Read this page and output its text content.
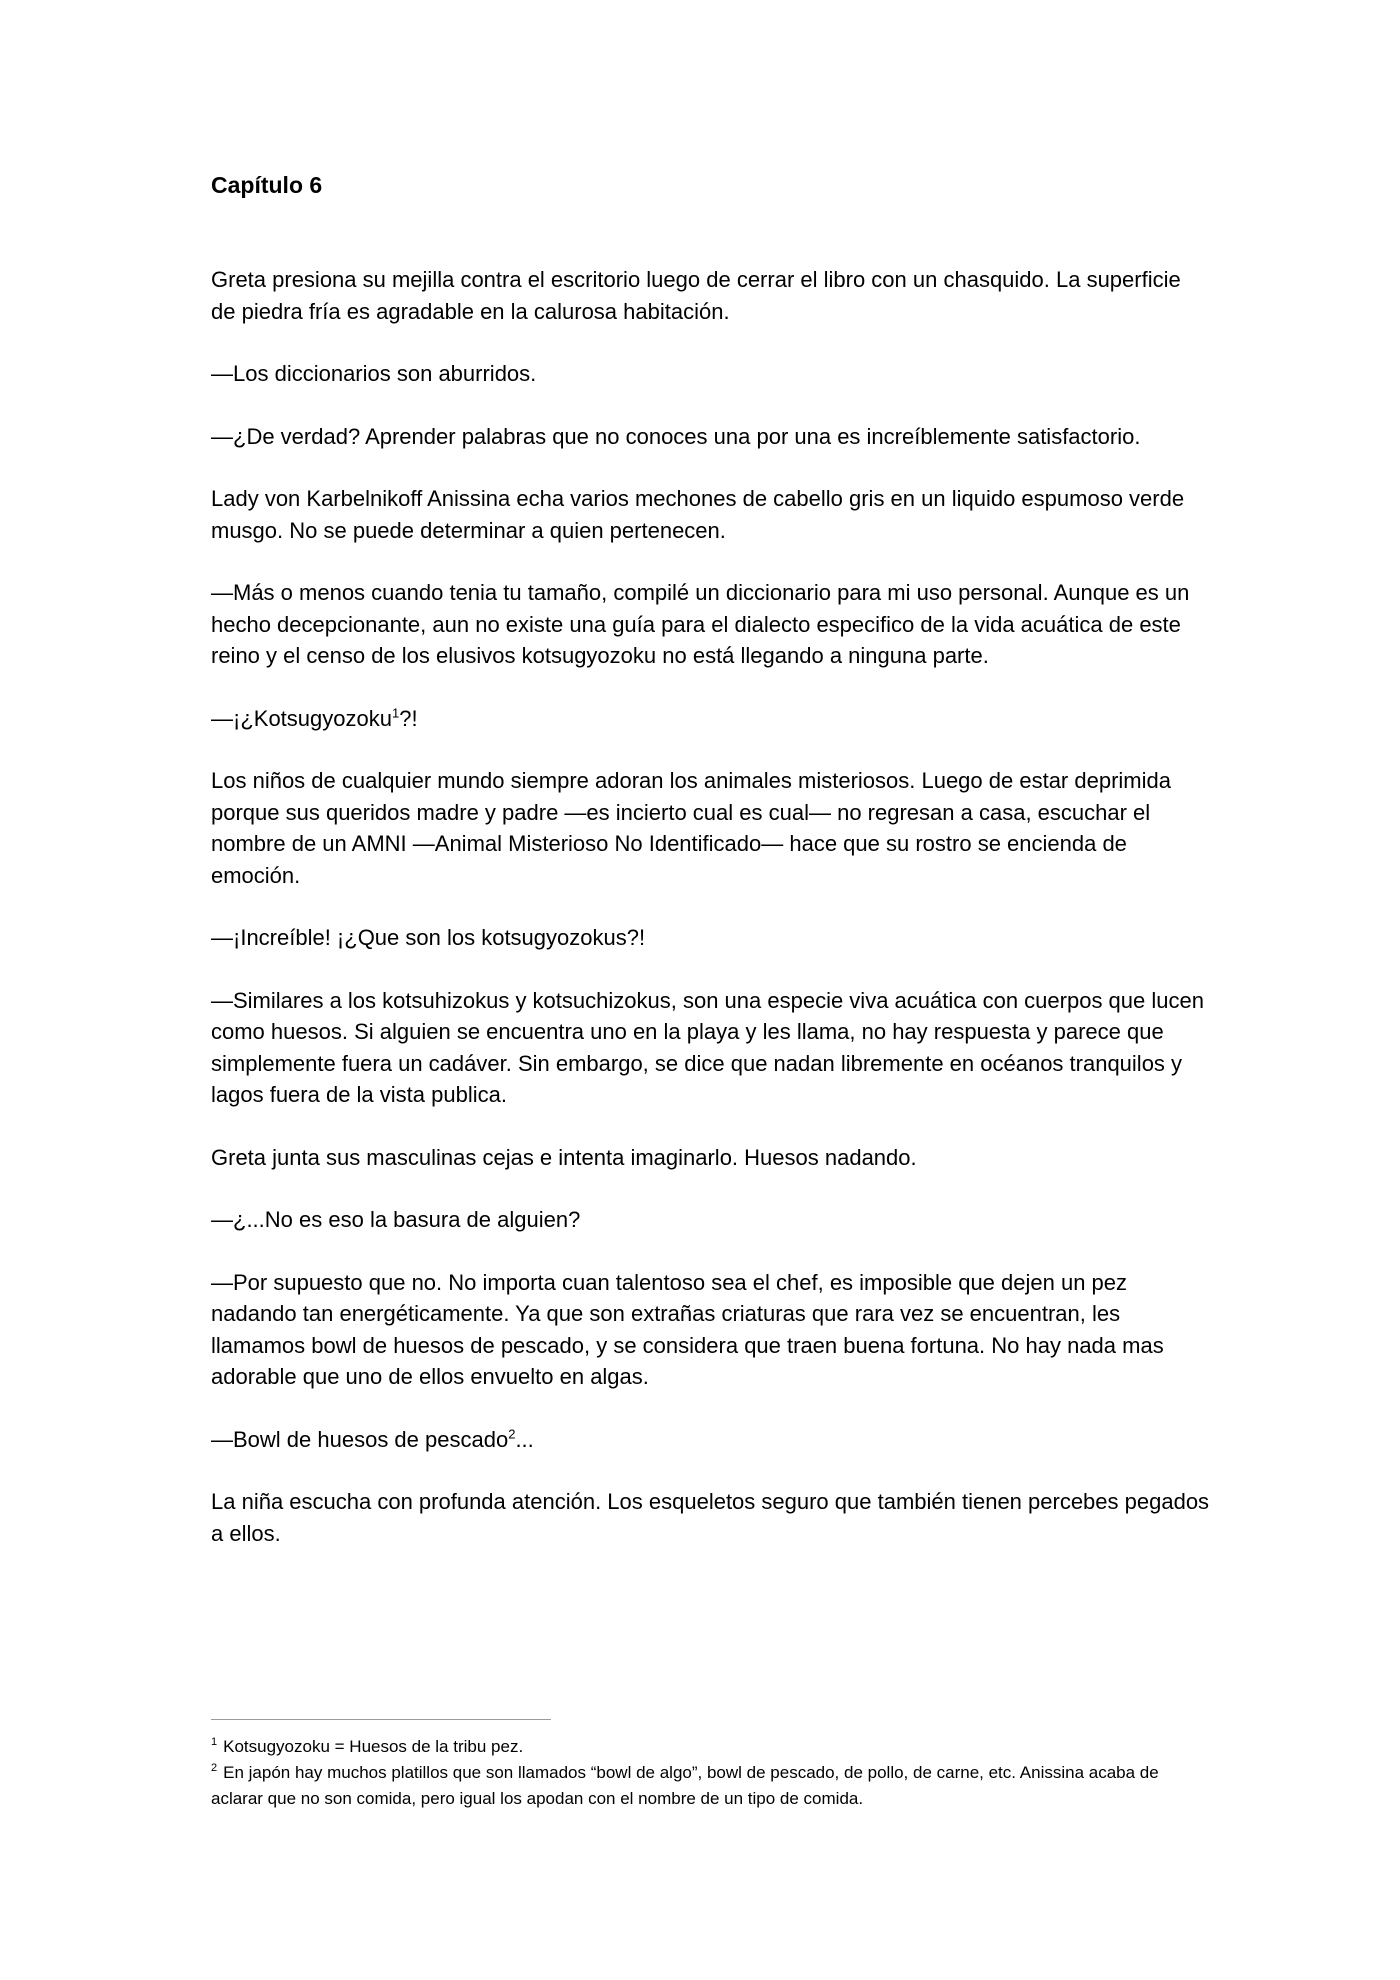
Capítulo 6

Greta presiona su mejilla contra el escritorio luego de cerrar el libro con un chasquido. La superficie de piedra fría es agradable en la calurosa habitación.

—Los diccionarios son aburridos.

—¿De verdad? Aprender palabras que no conoces una por una es increíblemente satisfactorio.

Lady von Karbelnikoff Anissina echa varios mechones de cabello gris en un liquido espumoso verde musgo. No se puede determinar a quien pertenecen.

—Más o menos cuando tenia tu tamaño, compilé un diccionario para mi uso personal. Aunque es un hecho decepcionante, aun no existe una guía para el dialecto especifico de la vida acuática de este reino y el censo de los elusivos kotsugyozoku no está llegando a ninguna parte.

—¡¿Kotsugyozoku$^1$?!

Los niños de cualquier mundo siempre adoran los animales misteriosos. Luego de estar deprimida porque sus queridos madre y padre —es incierto cual es cual— no regresan a casa, escuchar el nombre de un AMNI —Animal Misterioso No Identificado— hace que su rostro se encienda de emoción.

—¡Increíble! ¡¿Que son los kotsugyozokus?!

—Similares a los kotsuhizokus y kotsuchizokus, son una especie viva acuática con cuerpos que lucen como huesos. Si alguien se encuentra uno en la playa y les llama, no hay respuesta y parece que simplemente fuera un cadáver. Sin embargo, se dice que nadan libremente en océanos tranquilos y lagos fuera de la vista publica.

Greta junta sus masculinas cejas e intenta imaginarlo. Huesos nadando.

—¿...No es eso la basura de alguien?

—Por supuesto que no. No importa cuan talentoso sea el chef, es imposible que dejen un pez nadando tan energéticamente. Ya que son extrañas criaturas que rara vez se encuentran, les llamamos bowl de huesos de pescado, y se considera que traen buena fortuna. No hay nada mas adorable que uno de ellos envuelto en algas.

—Bowl de huesos de pescado$^2$...

La niña escucha con profunda atención. Los esqueletos seguro que también tienen percebes pegados a ellos.

$^1$ Kotsugyozoku = Huesos de la tribu pez.

$^2$ En japón hay muchos platillos que son llamados “bowl de algo”, bowl de pescado, de pollo, de carne, etc. Anissina acaba de aclarar que no son comida, pero igual los apodan con el nombre de un tipo de comida.
